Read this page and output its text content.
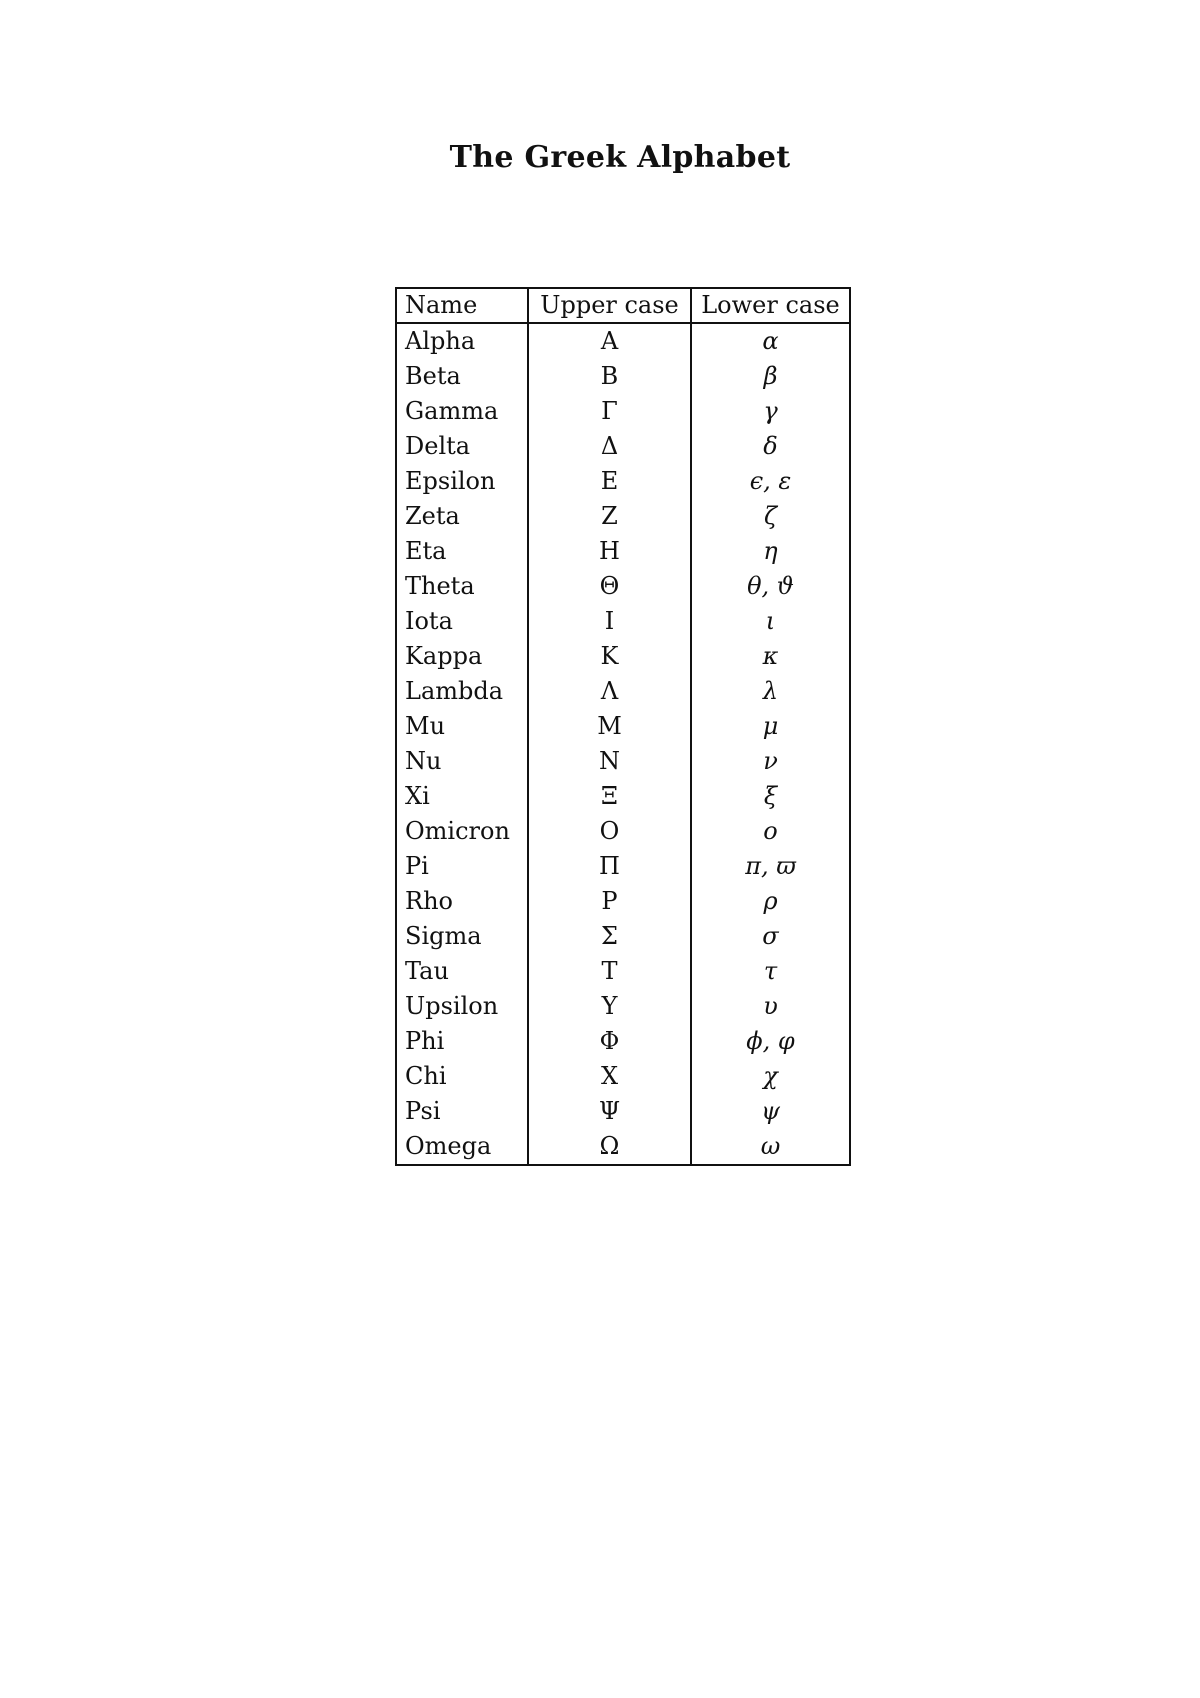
The Greek Alphabet
Name	Upper case	Lower case
Alpha	A	α
Beta	B	β
Gamma	Γ	γ
Delta	Δ	δ
Epsilon	E	ϵ, ε
Zeta	Z	ζ
Eta	H	η
Theta	Θ	θ, ϑ
Iota	I	ι
Kappa	K	κ
Lambda	Λ	λ
Mu	M	μ
Nu	N	ν
Xi	Ξ	ξ
Omicron	O	o
Pi	Π	π, ϖ
Rho	P	ρ
Sigma	Σ	σ
Tau	T	τ
Upsilon	Υ	υ
Phi	Φ	ϕ, φ
Chi	X	χ
Psi	Ψ	ψ
Omega	Ω	ω
